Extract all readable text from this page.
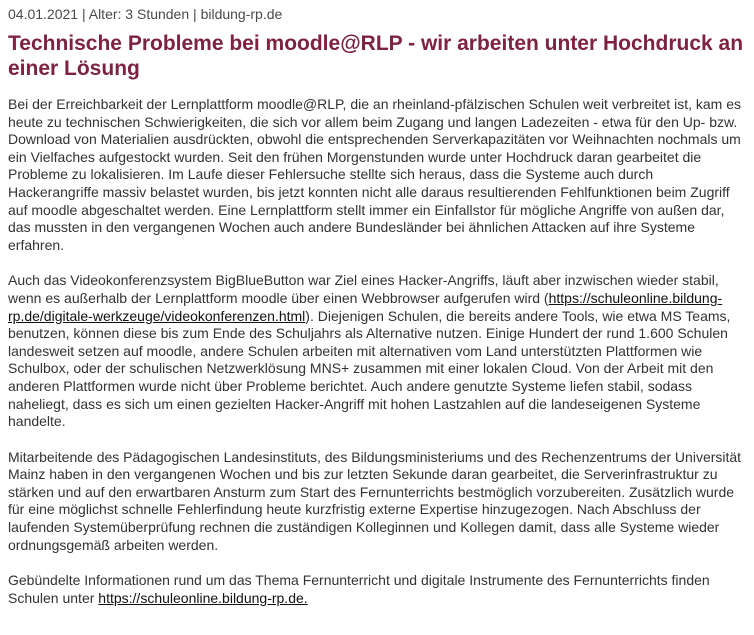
04.01.2021 | Alter: 3 Stunden | bildung-rp.de

Technische Probleme bei moodle@RLP - wir arbeiten unter Hochdruck an einer Lösung

Bei der Erreichbarkeit der Lernplattform moodle@RLP, die an rheinland-pfälzischen Schulen weit verbreitet ist, kam es heute zu technischen Schwierigkeiten, die sich vor allem beim Zugang und langen Ladezeiten - etwa für den Up- bzw. Download von Materialien ausdrückten, obwohl die entsprechenden Serverkapazitäten vor Weihnachten nochmals um ein Vielfaches aufgestockt wurden. Seit den frühen Morgenstunden wurde unter Hochdruck daran gearbeitet die Probleme zu lokalisieren. Im Laufe dieser Fehlersuche stellte sich heraus, dass die Systeme auch durch Hackerangriffe massiv belastet wurden, bis jetzt konnten nicht alle daraus resultierenden Fehlfunktionen beim Zugriff auf moodle abgeschaltet werden. Eine Lernplattform stellt immer ein Einfallstor für mögliche Angriffe von außen dar, das mussten in den vergangenen Wochen auch andere Bundesländer bei ähnlichen Attacken auf ihre Systeme erfahren.

Auch das Videokonferenzsystem BigBlueButton war Ziel eines Hacker-Angriffs, läuft aber inzwischen wieder stabil, wenn es außerhalb der Lernplattform moodle über einen Webbrowser aufgerufen wird (https://schuleonline.bildung-rp.de/digitale-werkzeuge/videokonferenzen.html). Diejenigen Schulen, die bereits andere Tools, wie etwa MS Teams, benutzen, können diese bis zum Ende des Schuljahrs als Alternative nutzen. Einige Hundert der rund 1.600 Schulen landesweit setzen auf moodle, andere Schulen arbeiten mit alternativen vom Land unterstützten Plattformen wie Schulbox, oder der schulischen Netzwerklösung MNS+ zusammen mit einer lokalen Cloud. Von der Arbeit mit den anderen Plattformen wurde nicht über Probleme berichtet. Auch andere genutzte Systeme liefen stabil, sodass naheliegt, dass es sich um einen gezielten Hacker-Angriff mit hohen Lastzahlen auf die landeseigenen Systeme handelte.

Mitarbeitende des Pädagogischen Landesinstituts, des Bildungsministeriums und des Rechenzentrums der Universität Mainz haben in den vergangenen Wochen und bis zur letzten Sekunde daran gearbeitet, die Serverinfrastruktur zu stärken und auf den erwartbaren Ansturm zum Start des Fernunterrichts bestmöglich vorzubereiten. Zusätzlich wurde für eine möglichst schnelle Fehlerfindung heute kurzfristig externe Expertise hinzugezogen. Nach Abschluss der laufenden Systemüberprüfung rechnen die zuständigen Kolleginnen und Kollegen damit, dass alle Systeme wieder ordnungsgemäß arbeiten werden.

Gebündelte Informationen rund um das Thema Fernunterricht und digitale Instrumente des Fernunterrichts finden Schulen unter https://schuleonline.bildung-rp.de.
